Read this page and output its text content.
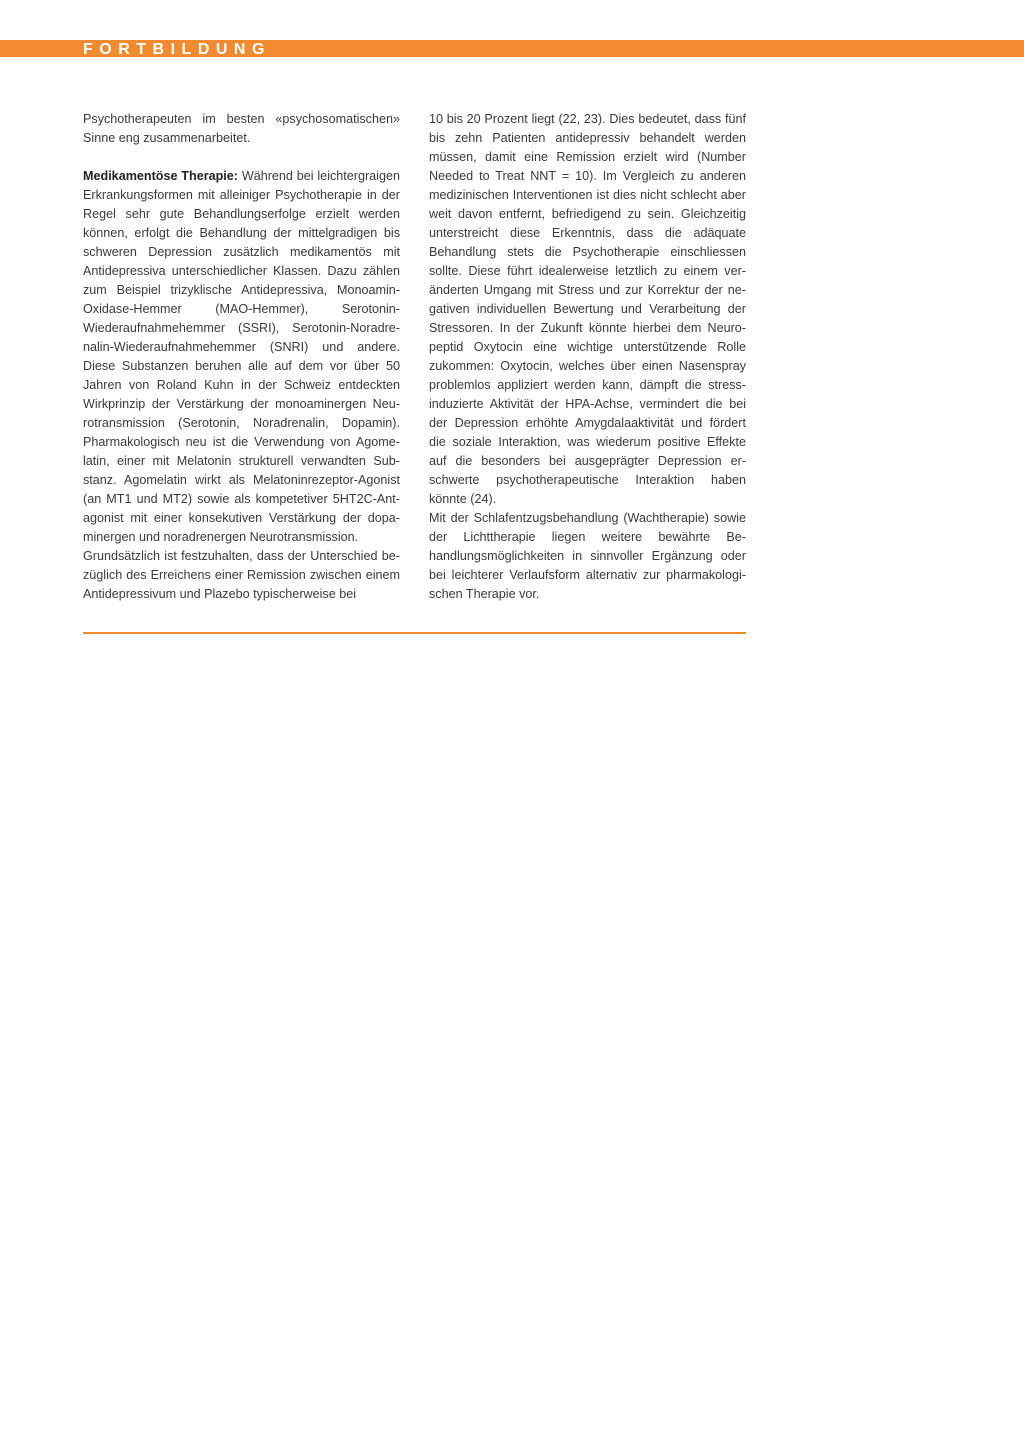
FORTBILDUNG

Psychotherapeuten im besten «psychosomatischen» Sinne eng zusammenarbeitet.

Medikamentöse Therapie: Während bei leichtergraigen Erkrankungsformen mit alleiniger Psychotherapie in der Regel sehr gute Behandlungserfolge erzielt werden können, erfolgt die Behandlung der mittelgradigen bis schweren Depression zusätzlich medikamentös mit Antidepressiva unterschiedlicher Klassen. Dazu zählen zum Beispiel trizyklische Antidepressiva, Monoamin-Oxidase-Hemmer (MAO-Hemmer), Serotonin-Wiederaufnahmehemmer (SSRI), Serotonin-Noradrenalin-Wiederaufnahmehemmer (SNRI) und andere. Diese Substanzen beruhen alle auf dem vor über 50 Jahren von Roland Kuhn in der Schweiz entdeckten Wirkprinzip der Verstärkung der monoaminergen Neurotransmission (Serotonin, Noradrenalin, Dopamin). Pharmakologisch neu ist die Verwendung von Agomelatin, einer mit Melatonin strukturell verwandten Substanz. Agomelatin wirkt als Melatoninrezeptor-Agonist (an MT1 und MT2) sowie als kompetetiver 5HT2C-Antagonist mit einer konsekutiven Verstärkung der dopaminergen und noradrenergen Neurotransmission.

Grundsätzlich ist festzuhalten, dass der Unterschied bezüglich des Erreichens einer Remission zwischen einem Antidepressivum und Plazebo typischerweise bei

10 bis 20 Prozent liegt (22, 23). Dies bedeutet, dass fünf bis zehn Patienten antidepressiv behandelt werden müssen, damit eine Remission erzielt wird (Number Needed to Treat NNT = 10). Im Vergleich zu anderen medizinischen Interventionen ist dies nicht schlecht aber weit davon entfernt, befriedigend zu sein. Gleichzeitig unterstreicht diese Erkenntnis, dass die adäquate Behandlung stets die Psychotherapie einschliessen sollte. Diese führt idealerweise letztlich zu einem veränderten Umgang mit Stress und zur Korrektur der negativen individuellen Bewertung und Verarbeitung der Stressoren. In der Zukunft könnte hierbei dem Neuropeptid Oxytocin eine wichtige unterstützende Rolle zukommen: Oxytocin, welches über einen Nasenspray problemlos appliziert werden kann, dämpft die stressinduzierte Aktivität der HPA-Achse, vermindert die bei der Depression erhöhte Amygdalaaktivität und fördert die soziale Interaktion, was wiederum positive Effekte auf die besonders bei ausgeprägter Depression erschwerte psychotherapeutische Interaktion haben könnte (24).

Mit der Schlafentzugsbehandlung (Wachtherapie) sowie der Lichttherapie liegen weitere bewährte Behandlungsmöglichkeiten in sinnvoller Ergänzung oder bei leichterer Verlaufsform alternativ zur pharmakologischen Therapie vor.
